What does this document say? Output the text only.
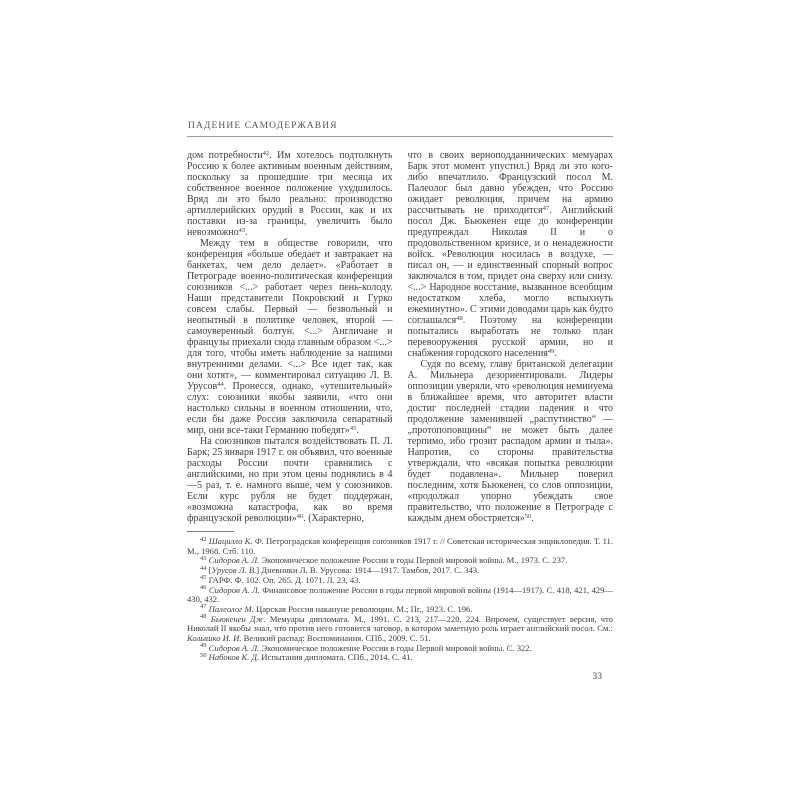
ПАДЕНИЕ САМОДЕРЖАВИЯ

дом потребности$^{42}$. Им хотелось подтолкнуть Россию к более активным военным действиям, поскольку за прошедшие три месяца их собственное военное положение ухудшилось. Вряд ли это было реально: производство артиллерийских орудий в России, как и их поставки из-за границы, увеличить было невозможно$^{43}$.

Между тем в обществе говорили, что конференция «больше обедает и завтракает на банкетах, чем дело делает». «Работает в Петрограде военно-политическая конференция союзников <...> работает через пень-колоду. Наши представители Покровский и Гурко совсем слабы. Первый — безвольный и неопытный в политике человек, второй — самоуверенный болтун. <...> Англичане и французы приехали сюда главным образом <...> для того, чтобы иметь наблюдение за нашими внутренними делами. <...> Все идет так, как они хотят», — комментировал ситуацию Л. В. Урусов$^{44}$. Пронесся, однако, «утешительный» слух: союзники якобы заявили, «что они настолько сильны в военном отношении, что, если бы даже Россия заключила сепаратный мир, они все-таки Германию победят»$^{45}$.

На союзников пытался воздействовать П. Л. Барк; 25 января 1917 г. он объявил, что военные расходы России почти сравнялись с английскими, но при этом цены поднялись в 4—5 раз, т. е. намного выше, чем у союзников. Если курс рубля не будет поддержан, «возможна катастрофа, как во время французской революции»$^{46}$. (Характерно,

что в своих верноподданнических мемуарах Барк этот момент упустил.) Вряд ли это кого-либо впечатлило. Французский посол М. Палеолог был давно убежден, что Россию ожидает революция, причем на армию рассчитывать не приходится$^{47}$. Английский посол Дж. Бьюкенен еще до конференции предупреждал Николая II и о продовольственном кризисе, и о ненадежности войск. «Революция носилась в воздухе, — писал он, — и единственный спорный вопрос заключался в том, придет она сверху или снизу. <...> Народное восстание, вызванное всеобщим недостатком хлеба, могло вспыхнуть ежеминутно». С этими доводами царь как будто соглашался$^{48}$. Поэтому на конференции попытались выработать не только план перевооружения русской армии, но и снабжения городского населения$^{49}$.

Судя по всему, главу британской делегации А. Мильнера дезориентировали. Лидеры оппозиции уверяли, что «революция неминуема в ближайшее время, что авторитет власти достиг последней стадии падения и что продолжение заменившей „распутинство“ — „протопоповщины“ не может быть далее терпимо, ибо грозит распадом армии и тыла». Напротив, со стороны правительства утверждали, что «всякая попытка революции будет подавлена». Мильнер поверил последним, хотя Бьюкенен, со слов оппозиции, «продолжал упорно убеждать свое правительство, что положение в Петрограде с каждым днем обостряется»$^{50}$.

$^{42}$ Шацилло К. Ф. Петроградская конференция союзников 1917 г. // Советская историческая энциклопедия. Т. 11. М., 1968. Стб. 110.

$^{43}$ Сидоров А. Л. Экономическое положение России в годы Первой мировой войны. М., 1973. С. 237.

$^{44}$ [Урусов Л. В.] Дневники Л. В. Урусова: 1914—1917. Тамбов, 2017. С. 343.

$^{45}$ ГАРФ. Ф. 102. Оп. 265. Д. 1071. Л. 23, 43.

$^{46}$ Сидоров А. Л. Финансовое положение России в годы первой мировой войны (1914—1917). С. 418, 421, 429—430, 432.

$^{47}$ Палеолог М. Царская Россия накануне революции. М.; Пг., 1923. С. 196.

$^{48}$ Бьюкенен Дж. Мемуары дипломата. М., 1991. С. 213, 217—220, 224. Впрочем, существует версия, что Николай II якобы знал, что против него готовится заговор, в котором заметную роль играет английский посол. См.: Колышко И. И. Великий распад: Воспоминания. СПб., 2009. С. 51.

$^{49}$ Сидоров А. Л. Экономическое положение России в годы Первой мировой войны. С. 322.

$^{50}$ Набоков К. Д. Испытания дипломата. СПб., 2014. С. 41.

33
